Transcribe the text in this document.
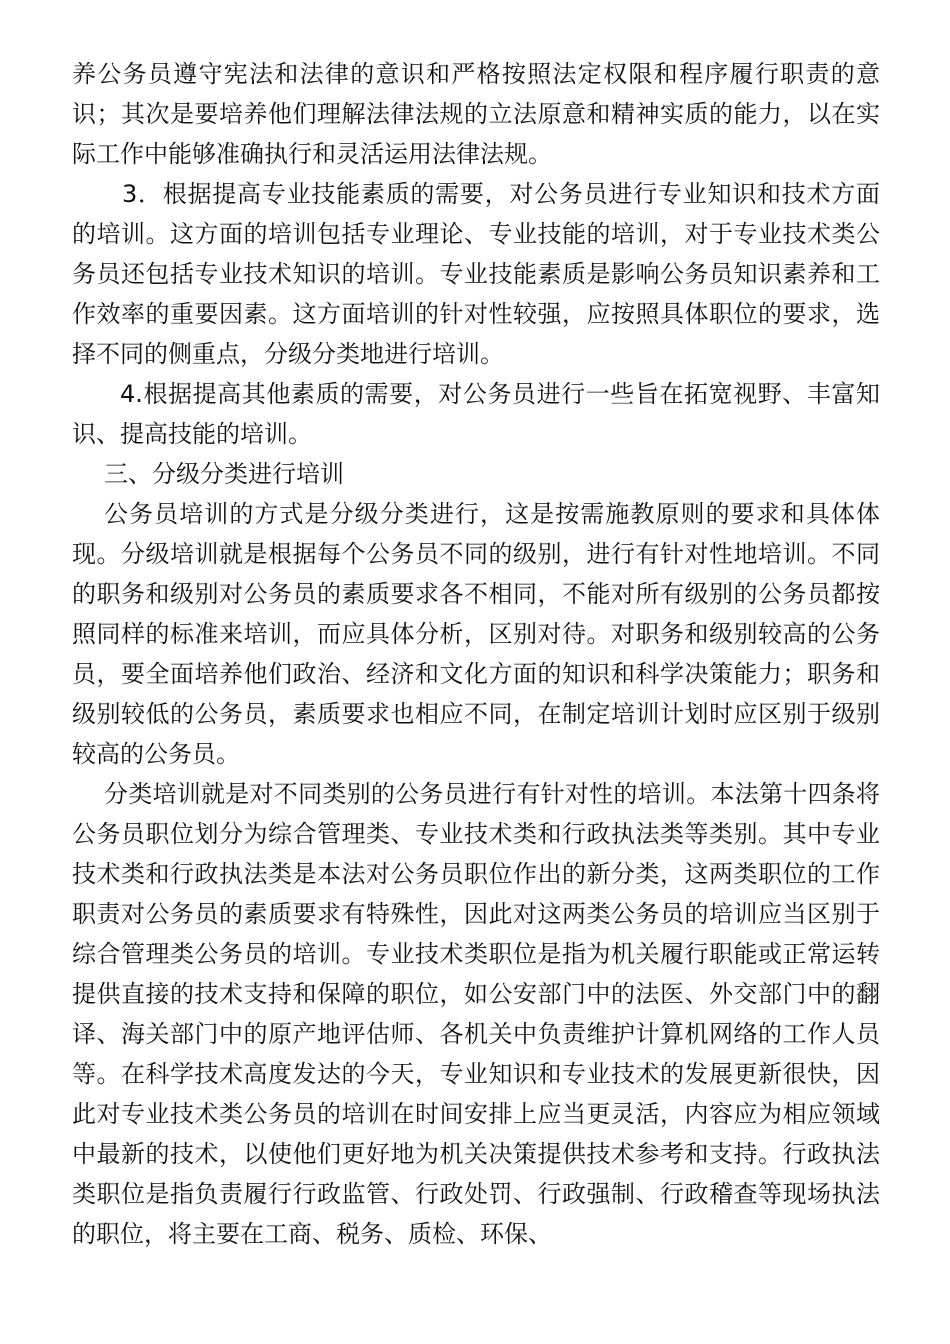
养公务员遵守宪法和法律的意识和严格按照法定权限和程序履行职责的意识；其次是要培养他们理解法律法规的立法原意和精神实质的能力，以在实际工作中能够准确执行和灵活运用法律法规。

3．根据提高专业技能素质的需要，对公务员进行专业知识和技术方面的培训。这方面的培训包括专业理论、专业技能的培训，对于专业技术类公务员还包括专业技术知识的培训。专业技能素质是影响公务员知识素养和工作效率的重要因素。这方面培训的针对性较强，应按照具体职位的要求，选择不同的侧重点，分级分类地进行培训。

4.根据提高其他素质的需要，对公务员进行一些旨在拓宽视野、丰富知识、提高技能的培训。

三、分级分类进行培训

公务员培训的方式是分级分类进行，这是按需施教原则的要求和具体体现。分级培训就是根据每个公务员不同的级别，进行有针对性地培训。不同的职务和级别对公务员的素质要求各不相同，不能对所有级别的公务员都按照同样的标准来培训，而应具体分析，区别对待。对职务和级别较高的公务员，要全面培养他们政治、经济和文化方面的知识和科学决策能力；职务和级别较低的公务员，素质要求也相应不同，在制定培训计划时应区别于级别较高的公务员。

分类培训就是对不同类别的公务员进行有针对性的培训。本法第十四条将公务员职位划分为综合管理类、专业技术类和行政执法类等类别。其中专业技术类和行政执法类是本法对公务员职位作出的新分类，这两类职位的工作职责对公务员的素质要求有特殊性，因此对这两类公务员的培训应当区别于综合管理类公务员的培训。专业技术类职位是指为机关履行职能或正常运转提供直接的技术支持和保障的职位，如公安部门中的法医、外交部门中的翻译、海关部门中的原产地评估师、各机关中负责维护计算机网络的工作人员等。在科学技术高度发达的今天，专业知识和专业技术的发展更新很快，因此对专业技术类公务员的培训在时间安排上应当更灵活，内容应为相应领域中最新的技术，以使他们更好地为机关决策提供技术参考和支持。行政执法类职位是指负责履行行政监管、行政处罚、行政强制、行政稽查等现场执法的职位，将主要在工商、税务、质检、环保、
